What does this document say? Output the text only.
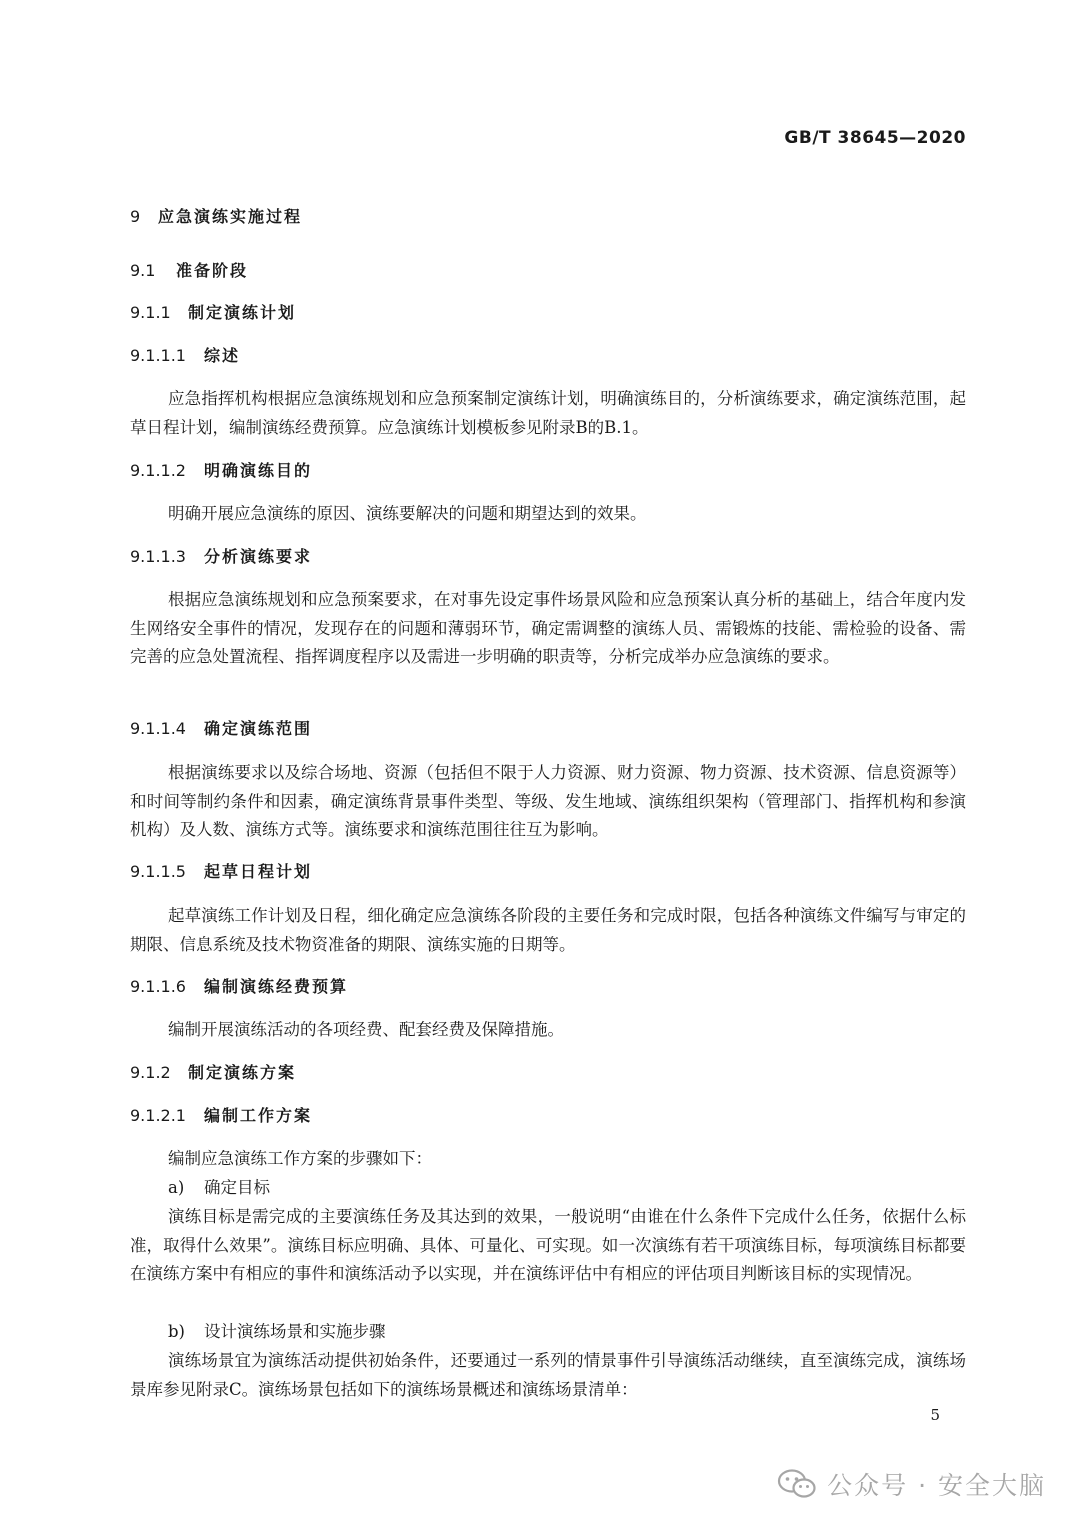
GB/T 38645—2020
9 应急演练实施过程
9.1 准备阶段
9.1.1 制定演练计划
9.1.1.1 综述

应急指挥机构根据应急演练规划和应急预案制定演练计划，明确演练目的，分析演练要求，确定演练范围，起草日程计划，编制演练经费预算。应急演练计划模板参见附录B的B.1。

9.1.1.2 明确演练目的

明确开展应急演练的原因、演练要解决的问题和期望达到的效果。

9.1.1.3 分析演练要求

根据应急演练规划和应急预案要求，在对事先设定事件场景风险和应急预案认真分析的基础上，结合年度内发生网络安全事件的情况，发现存在的问题和薄弱环节，确定需调整的演练人员、需锻炼的技能、需检验的设备、需完善的应急处置流程、指挥调度程序以及需进一步明确的职责等，分析完成举办应急演练的要求。

9.1.1.4 确定演练范围

根据演练要求以及综合场地、资源（包括但不限于人力资源、财力资源、物力资源、技术资源、信息资源等）和时间等制约条件和因素，确定演练背景事件类型、等级、发生地域、演练组织架构（管理部门、指挥机构和参演机构）及人数、演练方式等。演练要求和演练范围往往互为影响。

9.1.1.5 起草日程计划

起草演练工作计划及日程，细化确定应急演练各阶段的主要任务和完成时限，包括各种演练文件编写与审定的期限、信息系统及技术物资准备的期限、演练实施的日期等。

9.1.1.6 编制演练经费预算

编制开展演练活动的各项经费、配套经费及保障措施。

9.1.2 制定演练方案
9.1.2.1 编制工作方案

编制应急演练工作方案的步骤如下：

a) 确定目标

演练目标是需完成的主要演练任务及其达到的效果，一般说明“由谁在什么条件下完成什么任务，依据什么标准，取得什么效果”。演练目标应明确、具体、可量化、可实现。如一次演练有若干项演练目标，每项演练目标都要在演练方案中有相应的事件和演练活动予以实现，并在演练评估中有相应的评估项目判断该目标的实现情况。

b) 设计演练场景和实施步骤

演练场景宜为演练活动提供初始条件，还要通过一系列的情景事件引导演练活动继续，直至演练完成，演练场景库参见附录C。演练场景包括如下的演练场景概述和演练场景清单：

5
公众号 · 安全大脑
